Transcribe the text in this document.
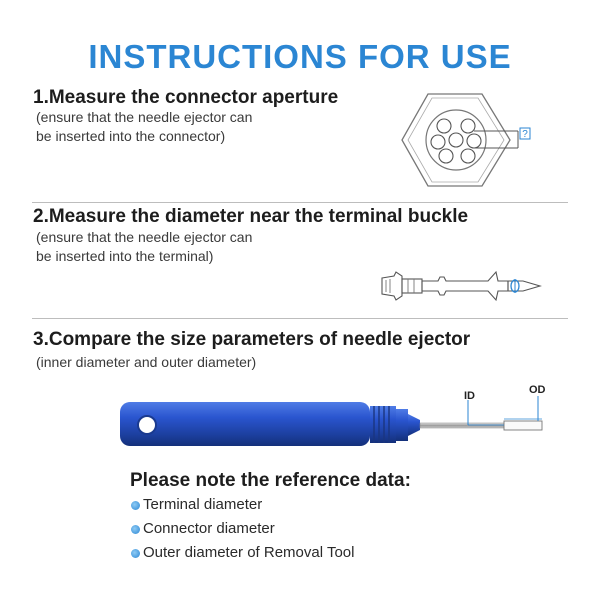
INSTRUCTIONS FOR USE
1.Measure the connector aperture
(ensure that the needle ejector can
be inserted into the connector)	?
2.Measure the diameter near the terminal buckle
(ensure that the needle ejector can
be inserted into the terminal)
3.Compare the size parameters of needle ejector
(inner diameter and outer diameter)
ID	OD
Please note the reference data:
Terminal diameter
Connector diameter
Outer diameter of Removal Tool
